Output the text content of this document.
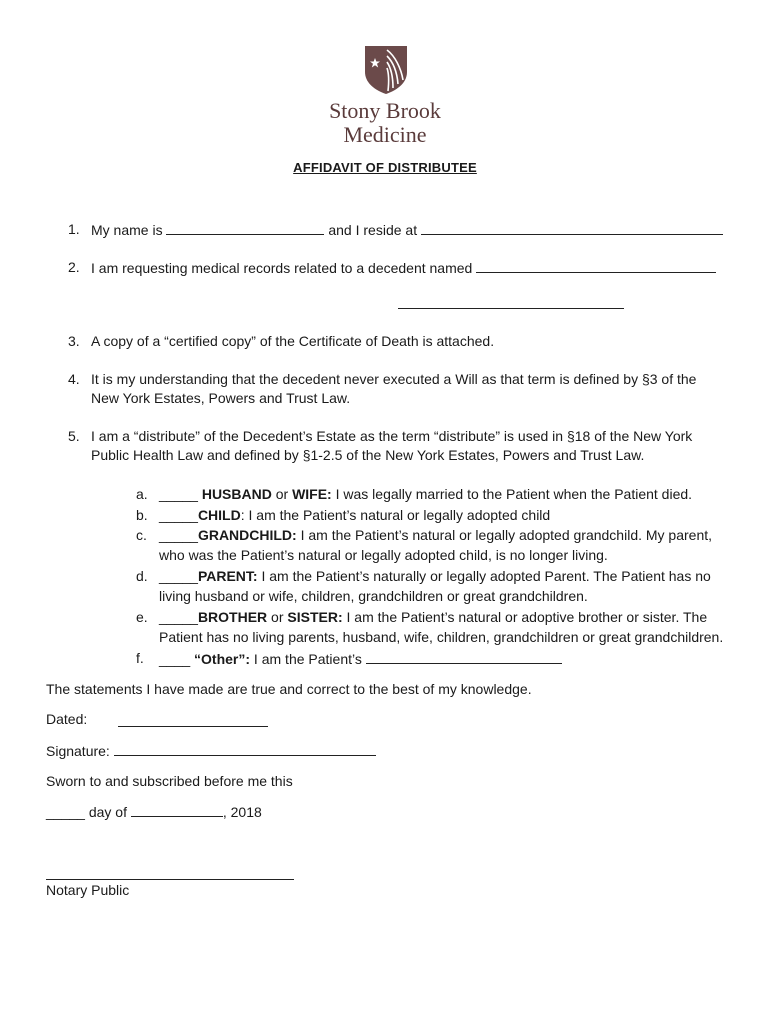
Stony Brook
Medicine
AFFIDAVIT OF DISTRIBUTEE
1. My name is	and I reside at
2. I am requesting medical records related to a decedent named
3. A copy of a “certified copy” of the Certificate of Death is attached.
4. It is my understanding that the decedent never executed a Will as that term is defined by §3 of the
New York Estates, Powers and Trust Law.
5. I am a “distribute” of the Decedent’s Estate as the term “distribute” is used in §18 of the New York
Public Health Law and defined by §1-2.5 of the New York Estates, Powers and Trust Law.
a. _____ HUSBAND or WIFE: I was legally married to the Patient when the Patient died.
b. _____CHILD: I am the Patient’s natural or legally adopted child
c. _____GRANDCHILD: I am the Patient’s natural or legally adopted grandchild. My parent,
who was the Patient’s natural or legally adopted child, is no longer living.
d. _____PARENT: I am the Patient’s naturally or legally adopted Parent. The Patient has no
living husband or wife, children, grandchildren or great grandchildren.
e. _____BROTHER or SISTER: I am the Patient’s natural or adoptive brother or sister. The
Patient has no living parents, husband, wife, children, grandchildren or great grandchildren.
f. ____ “Other”: I am the Patient’s
The statements I have made are true and correct to the best of my knowledge.
Dated:
Signature:
Sworn to and subscribed before me this
_____ day of	, 2018
Notary Public
